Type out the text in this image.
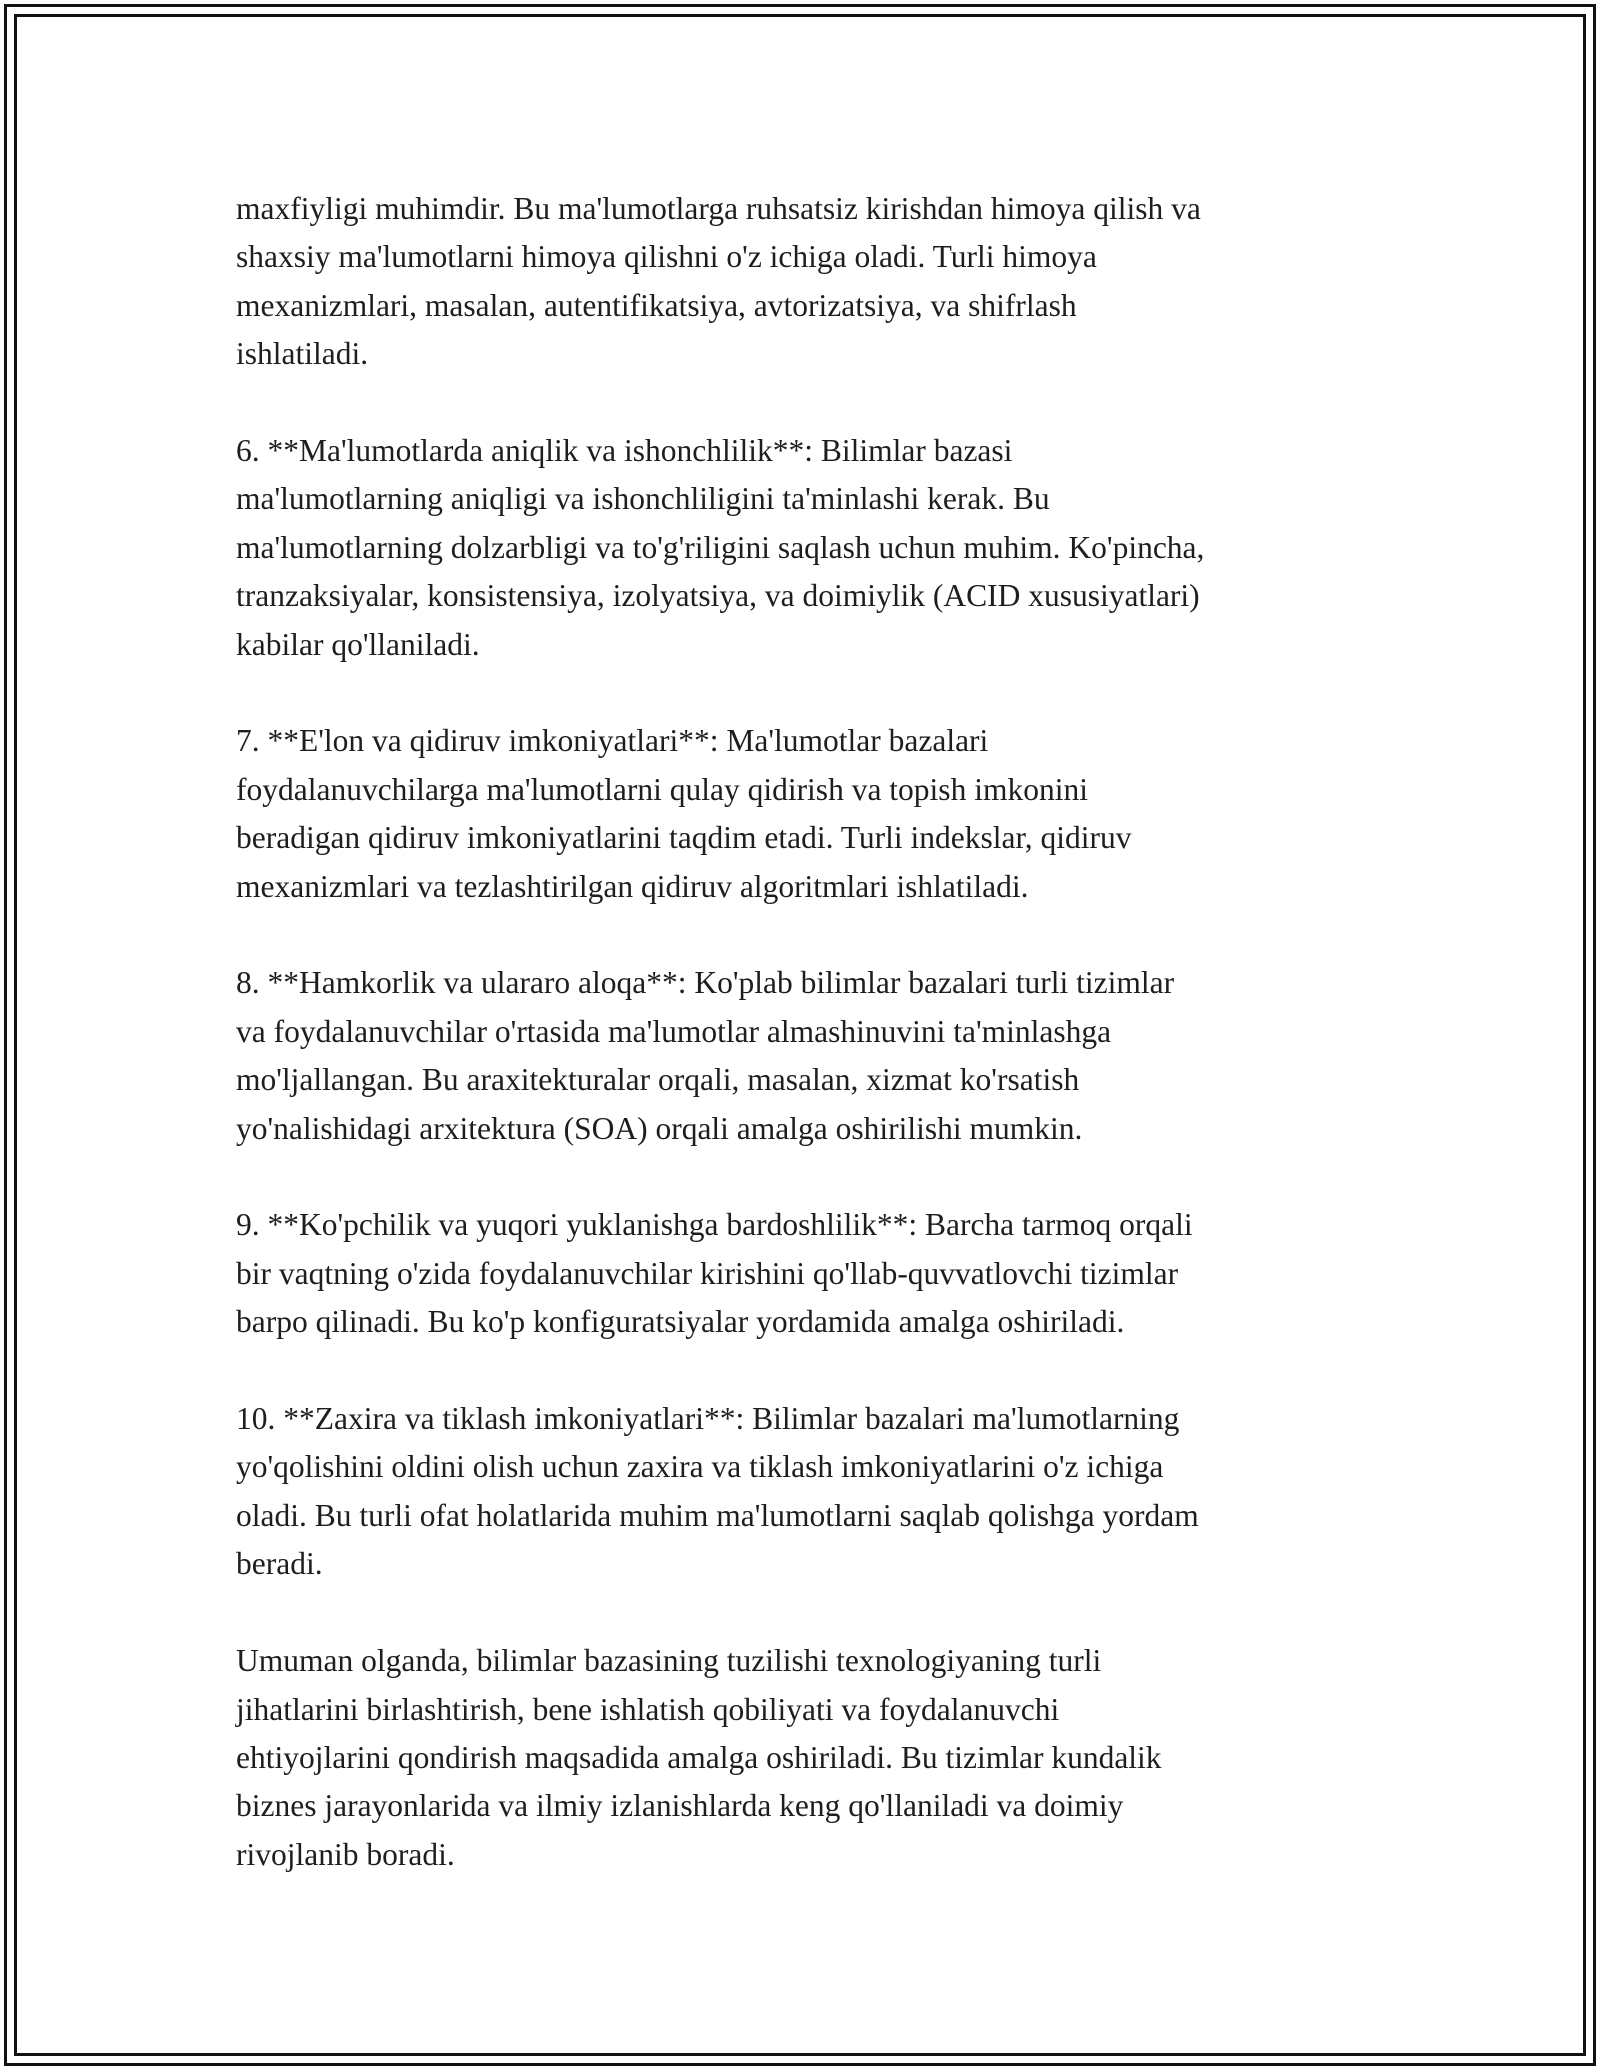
maxfiyligi muhimdir. Bu ma'lumotlarga ruhsatsiz kirishdan himoya qilish va
shaxsiy ma'lumotlarni himoya qilishni o'z ichiga oladi. Turli himoya
mexanizmlari, masalan, autentifikatsiya, avtorizatsiya, va shifrlash
ishlatiladi.

6. **Ma'lumotlarda aniqlik va ishonchlilik**: Bilimlar bazasi
ma'lumotlarning aniqligi va ishonchliligini ta'minlashi kerak. Bu
ma'lumotlarning dolzarbligi va to'g'riligini saqlash uchun muhim. Ko'pincha,
tranzaksiyalar, konsistensiya, izolyatsiya, va doimiylik (ACID xususiyatlari)
kabilar qo'llaniladi.

7. **E'lon va qidiruv imkoniyatlari**: Ma'lumotlar bazalari
foydalanuvchilarga ma'lumotlarni qulay qidirish va topish imkonini
beradigan qidiruv imkoniyatlarini taqdim etadi. Turli indekslar, qidiruv
mexanizmlari va tezlashtirilgan qidiruv algoritmlari ishlatiladi.

8. **Hamkorlik va ulararo aloqa**: Ko'plab bilimlar bazalari turli tizimlar
va foydalanuvchilar o'rtasida ma'lumotlar almashinuvini ta'minlashga
mo'ljallangan. Bu araxitekturalar orqali, masalan, xizmat ko'rsatish
yo'nalishidagi arxitektura (SOA) orqali amalga oshirilishi mumkin.

9. **Ko'pchilik va yuqori yuklanishga bardoshlilik**: Barcha tarmoq orqali
bir vaqtning o'zida foydalanuvchilar kirishini qo'llab-quvvatlovchi tizimlar
barpo qilinadi. Bu ko'p konfiguratsiyalar yordamida amalga oshiriladi.

10. **Zaxira va tiklash imkoniyatlari**: Bilimlar bazalari ma'lumotlarning
yo'qolishini oldini olish uchun zaxira va tiklash imkoniyatlarini o'z ichiga
oladi. Bu turli ofat holatlarida muhim ma'lumotlarni saqlab qolishga yordam
beradi.

Umuman olganda, bilimlar bazasining tuzilishi texnologiyaning turli
jihatlarini birlashtirish, bene ishlatish qobiliyati va foydalanuvchi
ehtiyojlarini qondirish maqsadida amalga oshiriladi. Bu tizimlar kundalik
biznes jarayonlarida va ilmiy izlanishlarda keng qo'llaniladi va doimiy
rivojlanib boradi.
